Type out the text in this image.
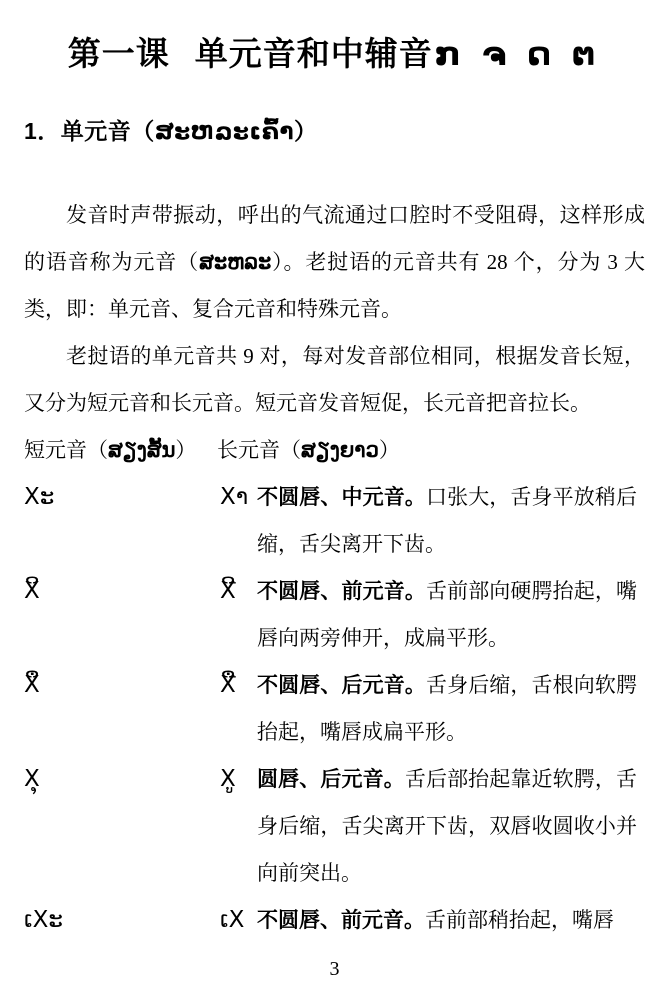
第一课 单元音和中辅音ກ ຈ ດ ຕ
1．单元音（ສະຫລະເຄົ້າ）

发音时声带振动，呼出的气流通过口腔时不受阻碍，这样形成的语音称为元音（ສະຫລະ）。老挝语的元音共有 28 个，分为 3 大类，即：单元音、复合元音和特殊元音。

老挝语的单元音共 9 对，每对发音部位相同，根据发音长短，又分为短元音和长元音。短元音发音短促，长元音把音拉长。

短元音（ສຽງສັ້ນ） 长元音（ສຽງຍາວ）
Xະ	Xາ 不圆唇、中元音。口张大，舌身平放稍后缩，舌尖离开下齿。
Xິ	Xີ	不圆唇、前元音。舌前部向硬腭抬起，嘴唇向两旁伸开，成扁平形。
Xຶ	Xື	不圆唇、后元音。舌身后缩，舌根向软腭抬起，嘴唇成扁平形。
Xຸ	Xູ	圆唇、后元音。舌后部抬起靠近软腭，舌身后缩，舌尖离开下齿，双唇收圆收小并向前突出。
ເXະ	ເX 不圆唇、前元音。舌前部稍抬起，嘴唇
3
